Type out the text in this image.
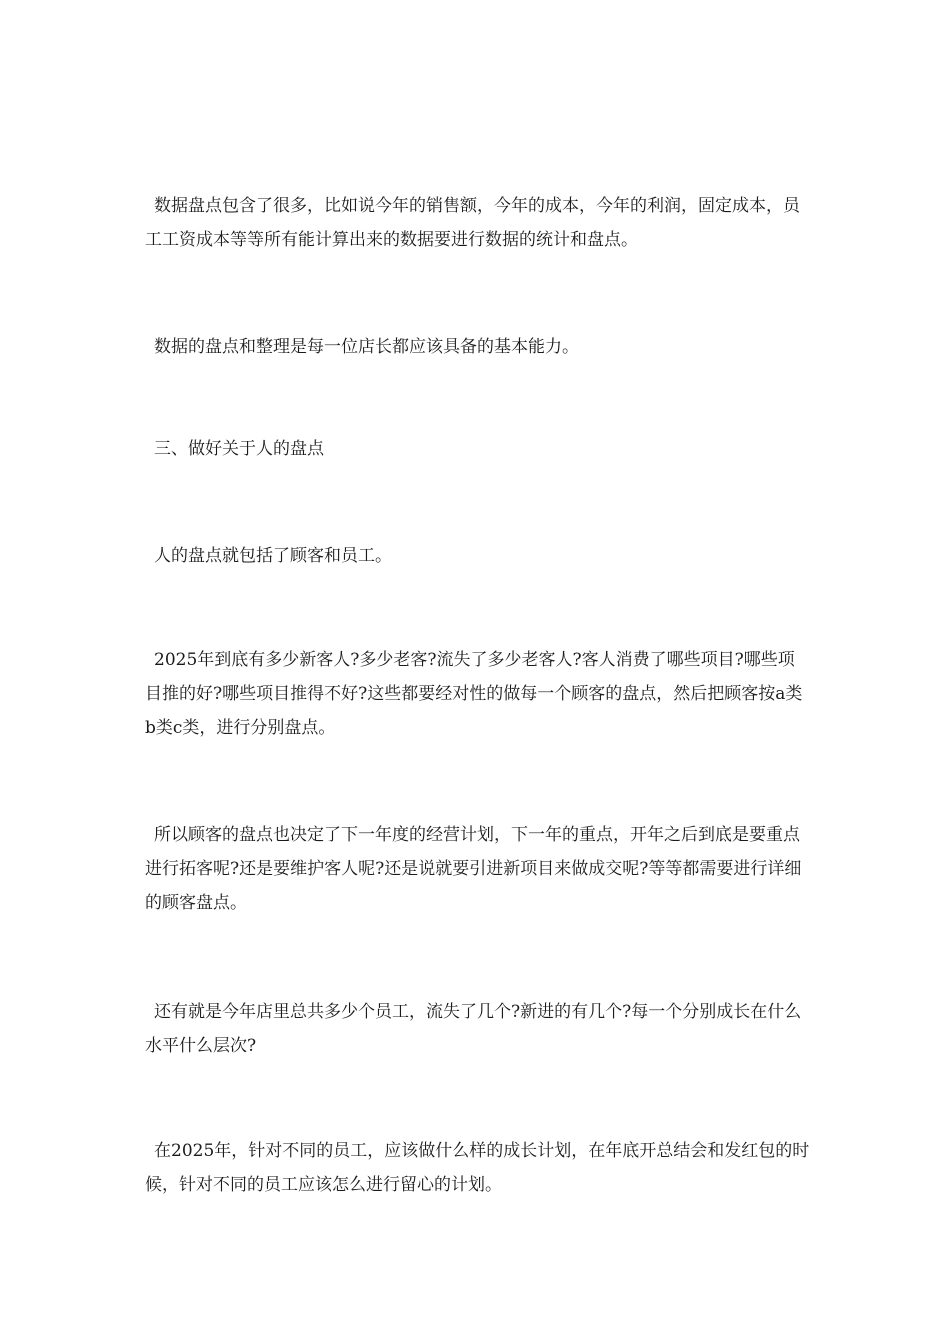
数据盘点包含了很多，比如说今年的销售额，今年的成本，今年的利润，固定成本，员工工资成本等等所有能计算出来的数据要进行数据的统计和盘点。

数据的盘点和整理是每一位店长都应该具备的基本能力。

三、做好关于人的盘点

人的盘点就包括了顾客和员工。

2025年到底有多少新客人?多少老客?流失了多少老客人?客人消费了哪些项目?哪些项目推的好?哪些项目推得不好?这些都要经对性的做每一个顾客的盘点，然后把顾客按a类b类c类，进行分别盘点。

所以顾客的盘点也决定了下一年度的经营计划，下一年的重点，开年之后到底是要重点进行拓客呢?还是要维护客人呢?还是说就要引进新项目来做成交呢?等等都需要进行详细的顾客盘点。

还有就是今年店里总共多少个员工，流失了几个?新进的有几个?每一个分别成长在什么水平什么层次?

在2025年，针对不同的员工，应该做什么样的成长计划，在年底开总结会和发红包的时候，针对不同的员工应该怎么进行留心的计划。
